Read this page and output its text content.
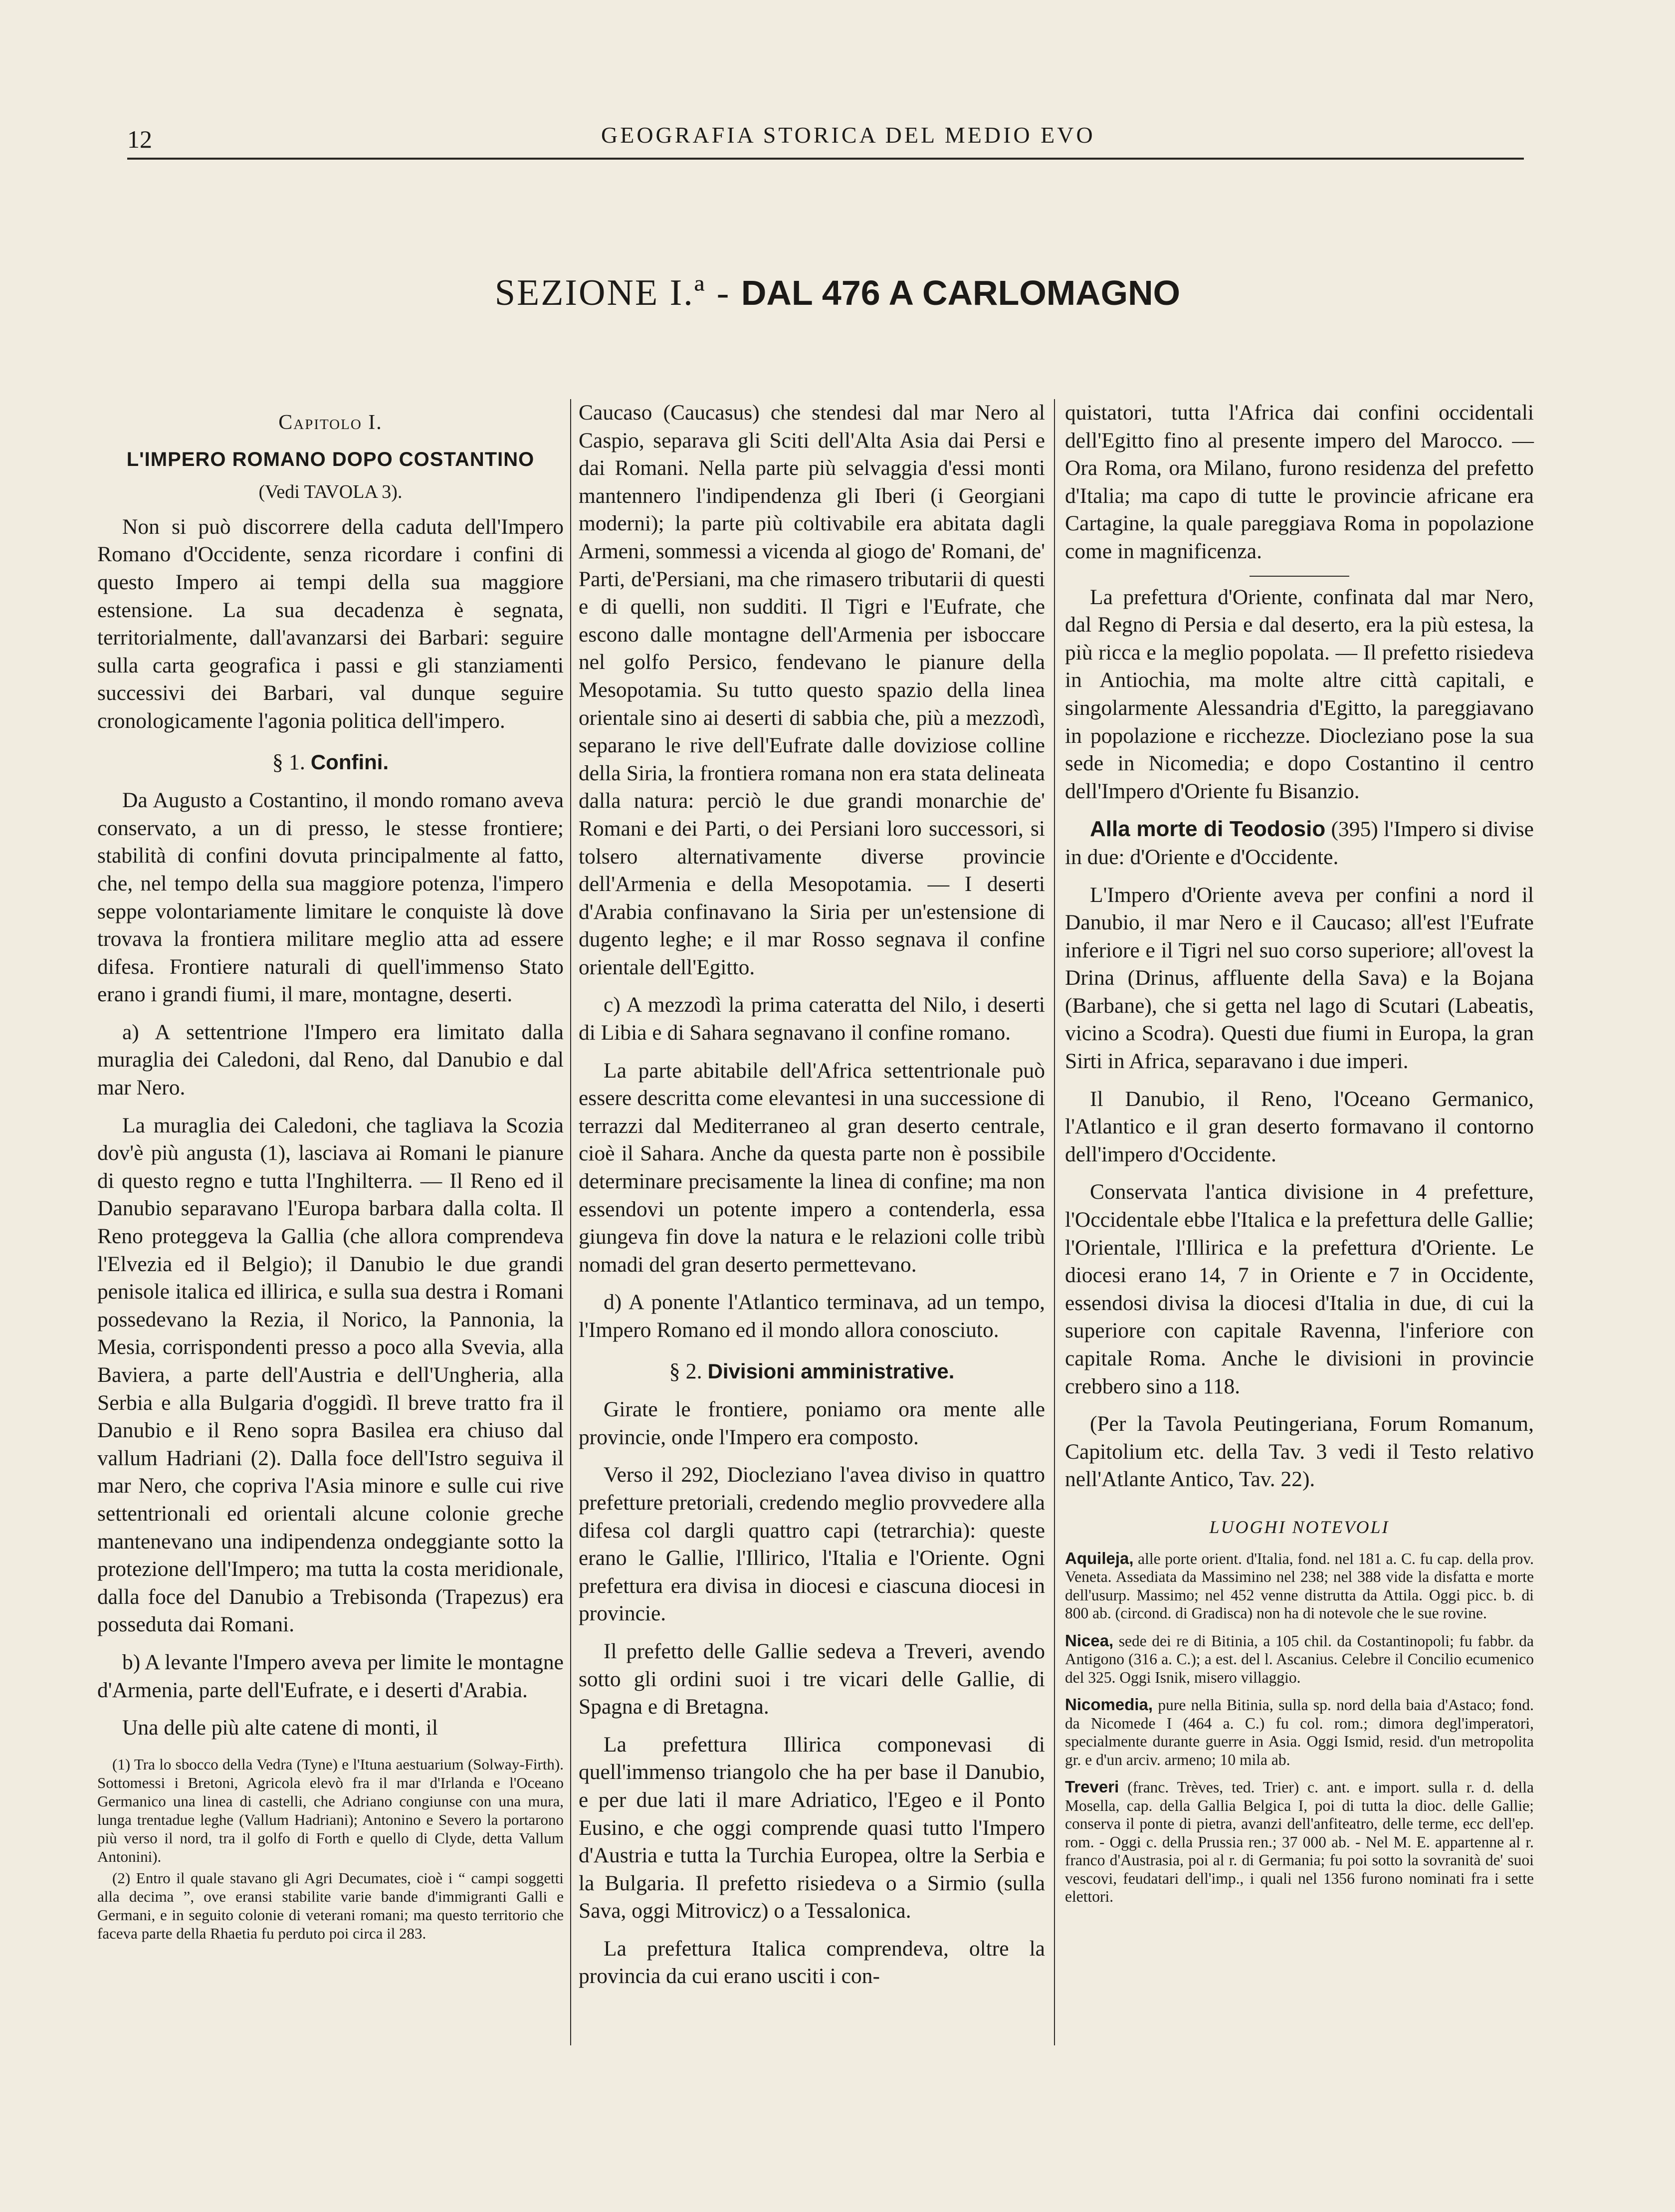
12	GEOGRAFIA STORICA DEL MEDIO EVO
SEZIONE I.ª - DAL 476 A CARLOMAGNO
Capitolo I.
L'IMPERO ROMANO DOPO COSTANTINO
(Vedi TAVOLA 3).

Non si può discorrere della caduta dell'Impero Romano d'Occidente, senza ricordare i confini di questo Impero ai tempi della sua maggiore estensione. La sua decadenza è segnata, territorialmente, dall'avanzarsi dei Barbari: seguire sulla carta geografica i passi e gli stanziamenti successivi dei Barbari, val dunque seguire cronologicamente l'agonia politica dell'impero.

§ 1. Confini.

Da Augusto a Costantino, il mondo romano aveva conservato, a un di presso, le stesse frontiere; stabilità di confini dovuta principalmente al fatto, che, nel tempo della sua maggiore potenza, l'impero seppe volontariamente limitare le conquiste là dove trovava la frontiera militare meglio atta ad essere difesa. Frontiere naturali di quell'immenso Stato erano i grandi fiumi, il mare, montagne, deserti.

a) A settentrione l'Impero era limitato dalla muraglia dei Caledoni, dal Reno, dal Danubio e dal mar Nero.

La muraglia dei Caledoni, che tagliava la Scozia dov'è più angusta (1), lasciava ai Romani le pianure di questo regno e tutta l'Inghilterra. — Il Reno ed il Danubio separavano l'Europa barbara dalla colta. Il Reno proteggeva la Gallia (che allora comprendeva l'Elvezia ed il Belgio); il Danubio le due grandi penisole italica ed illirica, e sulla sua destra i Romani possedevano la Rezia, il Norico, la Pannonia, la Mesia, corrispondenti presso a poco alla Svevia, alla Baviera, a parte dell'Austria e dell'Ungheria, alla Serbia e alla Bulgaria d'oggidì. Il breve tratto fra il Danubio e il Reno sopra Basilea era chiuso dal vallum Hadriani (2). Dalla foce dell'Istro seguiva il mar Nero, che copriva l'Asia minore e sulle cui rive settentrionali ed orientali alcune colonie greche mantenevano una indipendenza ondeggiante sotto la protezione dell'Impero; ma tutta la costa meridionale, dalla foce del Danubio a Trebisonda (Trapezus) era posseduta dai Romani.

b) A levante l'Impero aveva per limite le montagne d'Armenia, parte dell'Eufrate, e i deserti d'Arabia.

Una delle più alte catene di monti, il

(1) Tra lo sbocco della Vedra (Tyne) e l'Ituna aestuarium (Solway-Firth). Sottomessi i Bretoni, Agricola elevò fra il mar d'Irlanda e l'Oceano Germanico una linea di castelli, che Adriano congiunse con una mura, lunga trentadue leghe (Vallum Hadriani); Antonino e Severo la portarono più verso il nord, tra il golfo di Forth e quello di Clyde, detta Vallum Antonini).

(2) Entro il quale stavano gli Agri Decumates, cioè i “ campi soggetti alla decima ”, ove eransi stabilite varie bande d'immigranti Galli e Germani, e in seguito colonie di veterani romani; ma questo territorio che faceva parte della Rhaetia fu perduto poi circa il 283.

Caucaso (Caucasus) che stendesi dal mar Nero al Caspio, separava gli Sciti dell'Alta Asia dai Persi e dai Romani. Nella parte più selvaggia d'essi monti mantennero l'indipendenza gli Iberi (i Georgiani moderni); la parte più coltivabile era abitata dagli Armeni, sommessi a vicenda al giogo de' Romani, de' Parti, de'Persiani, ma che rimasero tributarii di questi e di quelli, non sudditi. Il Tigri e l'Eufrate, che escono dalle montagne dell'Armenia per isboccare nel golfo Persico, fendevano le pianure della Mesopotamia. Su tutto questo spazio della linea orientale sino ai deserti di sabbia che, più a mezzodì, separano le rive dell'Eufrate dalle doviziose colline della Siria, la frontiera romana non era stata delineata dalla natura: perciò le due grandi monarchie de' Romani e dei Parti, o dei Persiani loro successori, si tolsero alternativamente diverse provincie dell'Armenia e della Mesopotamia. — I deserti d'Arabia confinavano la Siria per un'estensione di dugento leghe; e il mar Rosso segnava il confine orientale dell'Egitto.

c) A mezzodì la prima cateratta del Nilo, i deserti di Libia e di Sahara segnavano il confine romano.

La parte abitabile dell'Africa settentrionale può essere descritta come elevantesi in una successione di terrazzi dal Mediterraneo al gran deserto centrale, cioè il Sahara. Anche da questa parte non è possibile determinare precisamente la linea di confine; ma non essendovi un potente impero a contenderla, essa giungeva fin dove la natura e le relazioni colle tribù nomadi del gran deserto permettevano.

d) A ponente l'Atlantico terminava, ad un tempo, l'Impero Romano ed il mondo allora conosciuto.

§ 2. Divisioni amministrative.

Girate le frontiere, poniamo ora mente alle provincie, onde l'Impero era composto.

Verso il 292, Diocleziano l'avea diviso in quattro prefetture pretoriali, credendo meglio provvedere alla difesa col dargli quattro capi (tetrarchia): queste erano le Gallie, l'Illirico, l'Italia e l'Oriente. Ogni prefettura era divisa in diocesi e ciascuna diocesi in provincie.

Il prefetto delle Gallie sedeva a Treveri, avendo sotto gli ordini suoi i tre vicari delle Gallie, di Spagna e di Bretagna.

La prefettura Illirica componevasi di quell'immenso triangolo che ha per base il Danubio, e per due lati il mare Adriatico, l'Egeo e il Ponto Eusino, e che oggi comprende quasi tutto l'Impero d'Austria e tutta la Turchia Europea, oltre la Serbia e la Bulgaria. Il prefetto risiedeva o a Sirmio (sulla Sava, oggi Mitrovicz) o a Tessalonica.

La prefettura Italica comprendeva, oltre la provincia da cui erano usciti i con-

quistatori, tutta l'Africa dai confini occidentali dell'Egitto fino al presente impero del Marocco. — Ora Roma, ora Milano, furono residenza del prefetto d'Italia; ma capo di tutte le provincie africane era Cartagine, la quale pareggiava Roma in popolazione come in magnificenza.

La prefettura d'Oriente, confinata dal mar Nero, dal Regno di Persia e dal deserto, era la più estesa, la più ricca e la meglio popolata. — Il prefetto risiedeva in Antiochia, ma molte altre città capitali, e singolarmente Alessandria d'Egitto, la pareggiavano in popolazione e ricchezze. Diocleziano pose la sua sede in Nicomedia; e dopo Costantino il centro dell'Impero d'Oriente fu Bisanzio.

Alla morte di Teodosio (395) l'Impero si divise in due: d'Oriente e d'Occidente.

L'Impero d'Oriente aveva per confini a nord il Danubio, il mar Nero e il Caucaso; all'est l'Eufrate inferiore e il Tigri nel suo corso superiore; all'ovest la Drina (Drinus, affluente della Sava) e la Bojana (Barbane), che si getta nel lago di Scutari (Labeatis, vicino a Scodra). Questi due fiumi in Europa, la gran Sirti in Africa, separavano i due imperi.

Il Danubio, il Reno, l'Oceano Germanico, l'Atlantico e il gran deserto formavano il contorno dell'impero d'Occidente.

Conservata l'antica divisione in 4 prefetture, l'Occidentale ebbe l'Italica e la prefettura delle Gallie; l'Orientale, l'Illirica e la prefettura d'Oriente. Le diocesi erano 14, 7 in Oriente e 7 in Occidente, essendosi divisa la diocesi d'Italia in due, di cui la superiore con capitale Ravenna, l'inferiore con capitale Roma. Anche le divisioni in provincie crebbero sino a 118.

(Per la Tavola Peutingeriana, Forum Romanum, Capitolium etc. della Tav. 3 vedi il Testo relativo nell'Atlante Antico, Tav. 22).

LUOGHI NOTEVOLI

Aquileja, alle porte orient. d'Italia, fond. nel 181 a. C. fu cap. della prov. Veneta. Assediata da Massimino nel 238; nel 388 vide la disfatta e morte dell'usurp. Massimo; nel 452 venne distrutta da Attila. Oggi picc. b. di 800 ab. (circond. di Gradisca) non ha di notevole che le sue rovine.

Nicea, sede dei re di Bitinia, a 105 chil. da Costantinopoli; fu fabbr. da Antigono (316 a. C.); a est. del l. Ascanius. Celebre il Concilio ecumenico del 325. Oggi Isnik, misero villaggio.

Nicomedia, pure nella Bitinia, sulla sp. nord della baia d'Astaco; fond. da Nicomede I (464 a. C.) fu col. rom.; dimora degl'imperatori, specialmente durante guerre in Asia. Oggi Ismid, resid. d'un metropolita gr. e d'un arciv. armeno; 10 mila ab.

Treveri (franc. Trèves, ted. Trier) c. ant. e import. sulla r. d. della Mosella, cap. della Gallia Belgica I, poi di tutta la dioc. delle Gallie; conserva il ponte di pietra, avanzi dell'anfiteatro, delle terme, ecc dell'ep. rom. - Oggi c. della Prussia ren.; 37 000 ab. - Nel M. E. appartenne al r. franco d'Austrasia, poi al r. di Germania; fu poi sotto la sovranità de' suoi vescovi, feudatari dell'imp., i quali nel 1356 furono nominati fra i sette elettori.
